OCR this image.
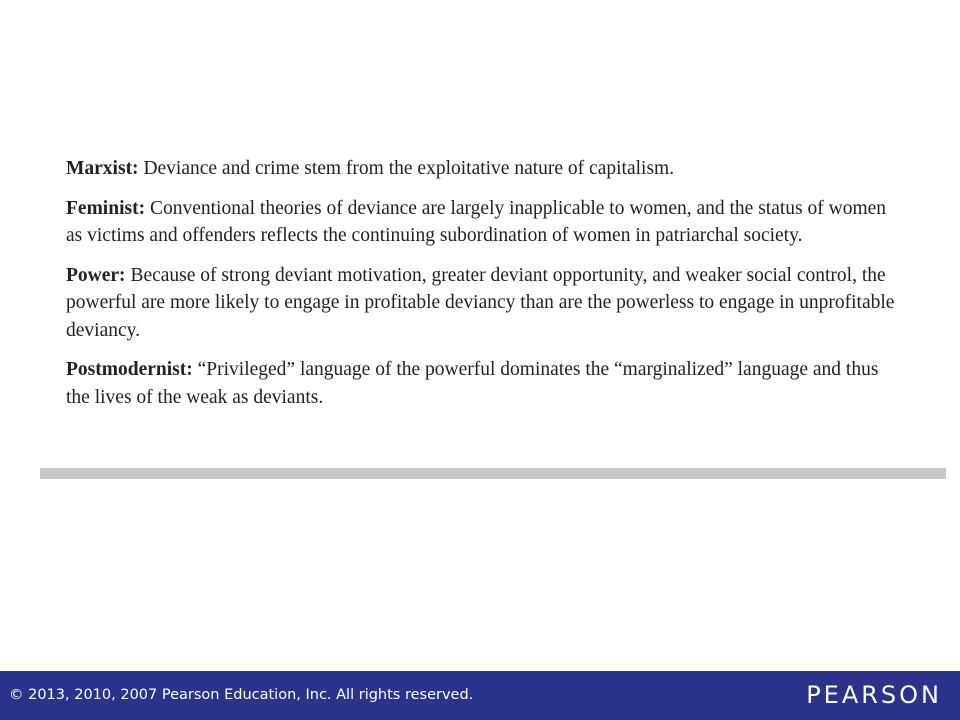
Marxist: Deviance and crime stem from the exploitative nature of capitalism.

Feminist: Conventional theories of deviance are largely inapplicable to women, and the status of women as victims and offenders reflects the continuing subordination of women in patriarchal society.

Power: Because of strong deviant motivation, greater deviant opportunity, and weaker social control, the powerful are more likely to engage in profitable deviancy than are the powerless to engage in unprofitable deviancy.

Postmodernist: “Privileged” language of the powerful dominates the “marginalized” language and thus the lives of the weak as deviants.

© 2013, 2010, 2007 Pearson Education, Inc. All rights reserved.	PEARSON
